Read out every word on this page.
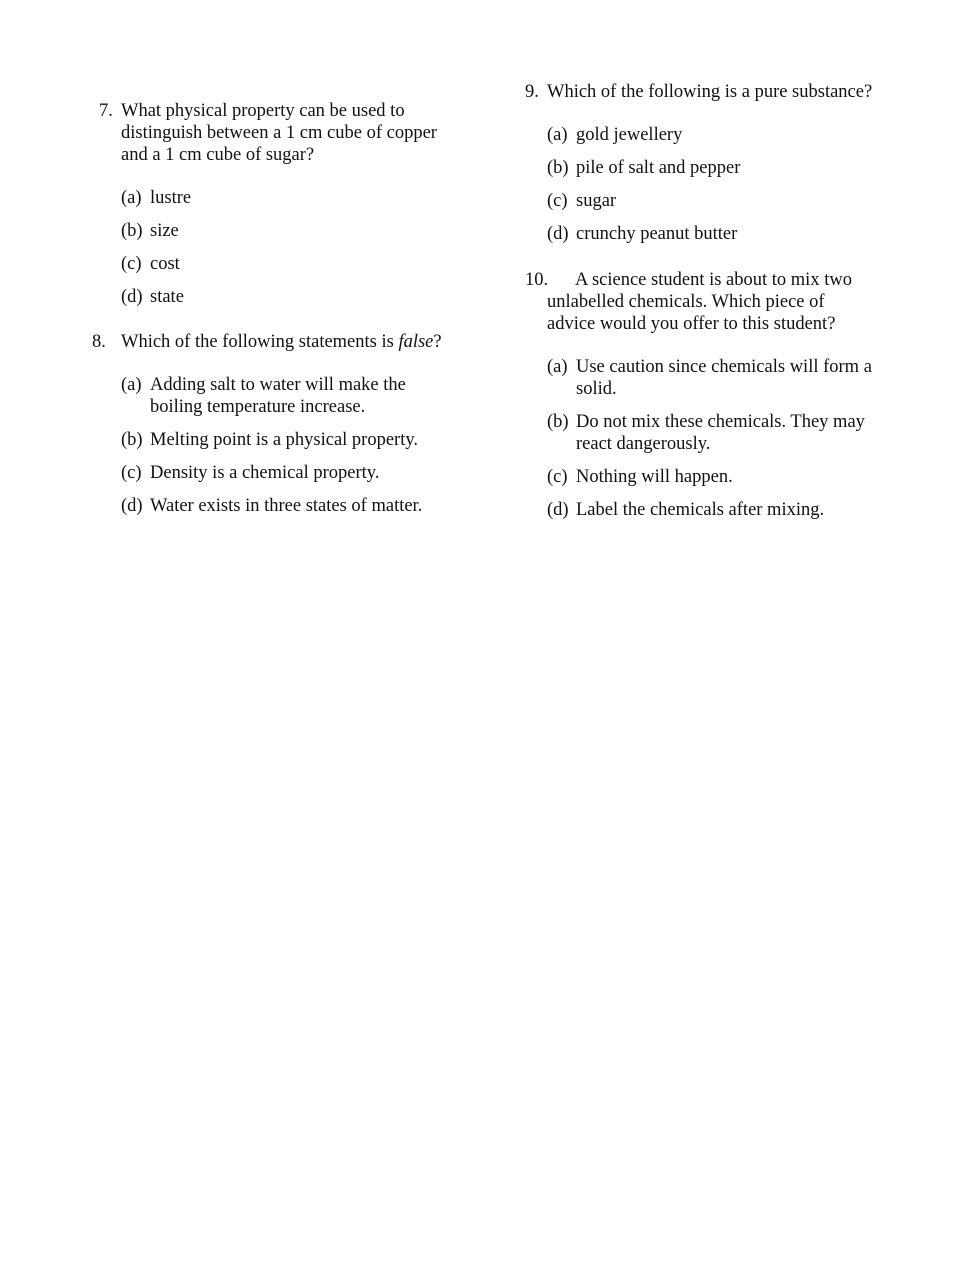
7. What physical property can be used to
distinguish between a 1 cm cube of copper
and a 1 cm cube of sugar?
(a) lustre
(b) size
(c) cost
(d) state
8. Which of the following statements is false?
(a) Adding salt to water will make the boiling temperature increase.
(b) Melting point is a physical property.
(c) Density is a chemical property.
(d) Water exists in three states of matter.
9. Which of the following is a pure substance?
(a) gold jewellery
(b) pile of salt and pepper
(c) sugar
(d) crunchy peanut butter
10. A science student is about to mix two
unlabelled chemicals. Which piece of
advice would you offer to this student?
(a) Use caution since chemicals will form a solid.
(b) Do not mix these chemicals. They may react dangerously.
(c) Nothing will happen.
(d) Label the chemicals after mixing.
